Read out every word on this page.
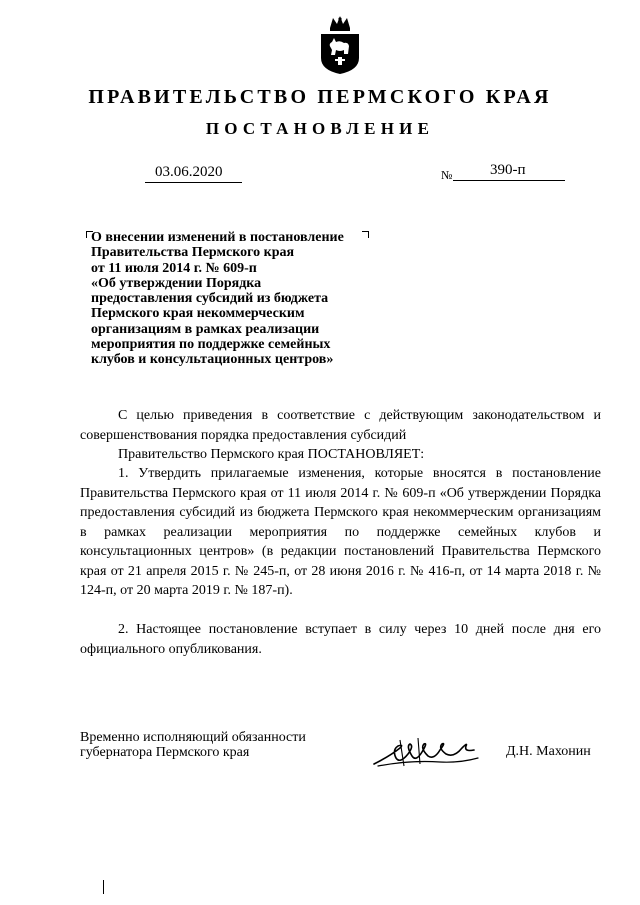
ПРАВИТЕЛЬСТВО ПЕРМСКОГО КРАЯ
ПОСТАНОВЛЕНИЕ
03.06.2020	№	390-п
О внесении изменений в постановление
Правительства Пермского края
от 11 июля 2014 г. № 609-п
«Об утверждении Порядка
предоставления субсидий из бюджета
Пермского края некоммерческим
организациям в рамках реализации
мероприятия по поддержке семейных
клубов и консультационных центров»
С целью приведения в соответствие с действующим законодательством и совершенствования порядка предоставления субсидий
Правительство Пермского края ПОСТАНОВЛЯЕТ:
1. Утвердить прилагаемые изменения, которые вносятся в постановление Правительства Пермского края от 11 июля 2014 г. № 609-п «Об утверждении Порядка предоставления субсидий из бюджета Пермского края некоммерческим организациям в рамках реализации мероприятия по поддержке семейных клубов и консультационных центров» (в редакции постановлений Правительства Пермского края от 21 апреля 2015 г. № 245-п, от 28 июня 2016 г. № 416-п, от 14 марта 2018 г. № 124-п, от 20 марта 2019 г. № 187-п).
2. Настоящее постановление вступает в силу через 10 дней после дня его официального опубликования.
Временно исполняющий обязанности
губернатора Пермского края	Д.Н. Махонин
